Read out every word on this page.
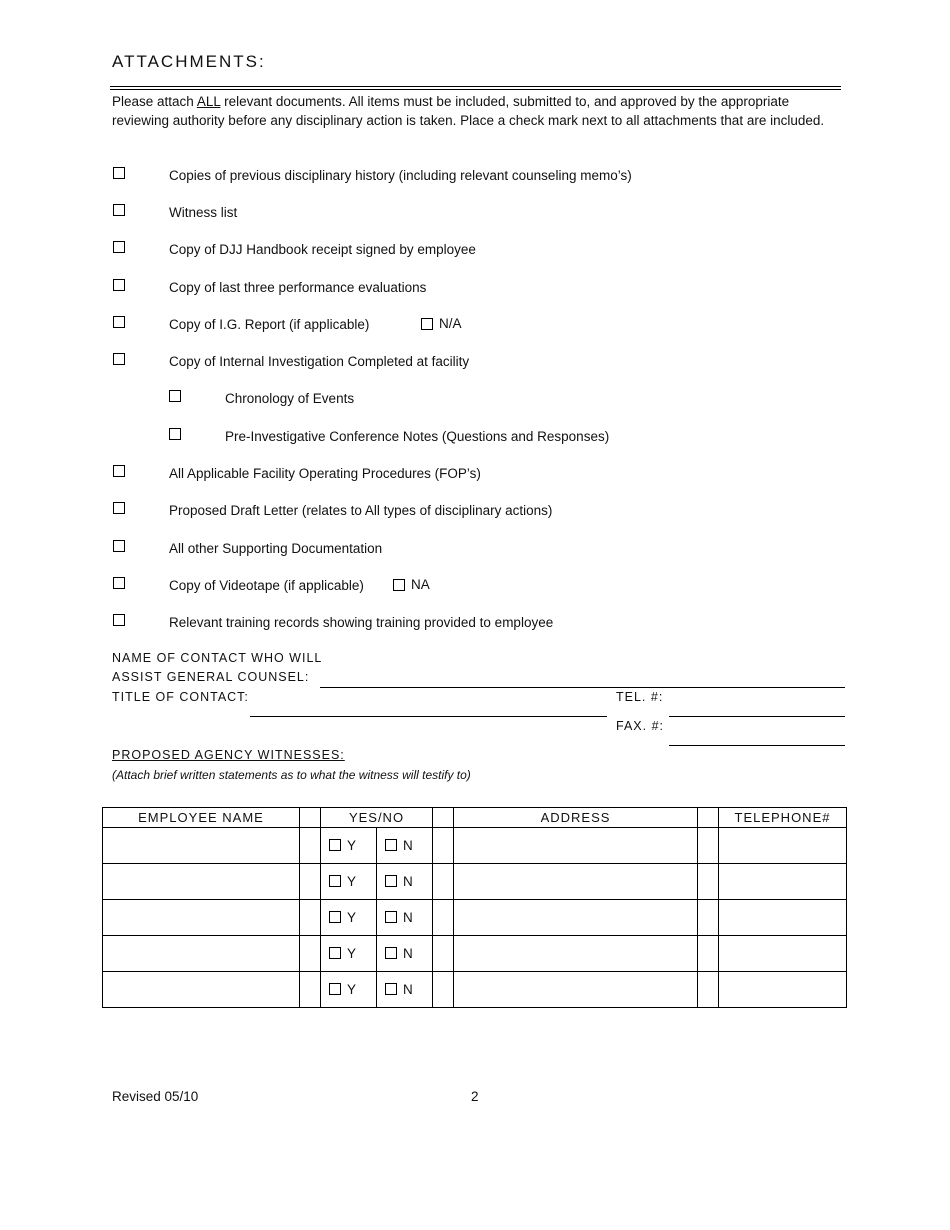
ATTACHMENTS:
Please attach ALL relevant documents. All items must be included, submitted to, and approved by the appropriate reviewing authority before any disciplinary action is taken. Place a check mark next to all attachments that are included.
Copies of previous disciplinary history (including relevant counseling memo’s)
Witness list
Copy of DJJ Handbook receipt signed by employee
Copy of last three performance evaluations
Copy of I.G. Report (if applicable)	N/A
Copy of Internal Investigation Completed at facility
Chronology of Events
Pre-Investigative Conference Notes (Questions and Responses)
All Applicable Facility Operating Procedures (FOP’s)
Proposed Draft Letter (relates to All types of disciplinary actions)
All other Supporting Documentation
Copy of Videotape (if applicable)	NA
Relevant training records showing training provided to employee
NAME OF CONTACT WHO WILL
ASSIST GENERAL COUNSEL:
TITLE OF CONTACT:	TEL. #:
FAX. #:
PROPOSED AGENCY WITNESSES:
(Attach brief written statements as to what the witness will testify to)
EMPLOYEE NAME		YES/NO			ADDRESS		TELEPHONE#
		Y	N				
		Y	N				
		Y	N				
		Y	N				
		Y	N				
Revised 05/10	2
